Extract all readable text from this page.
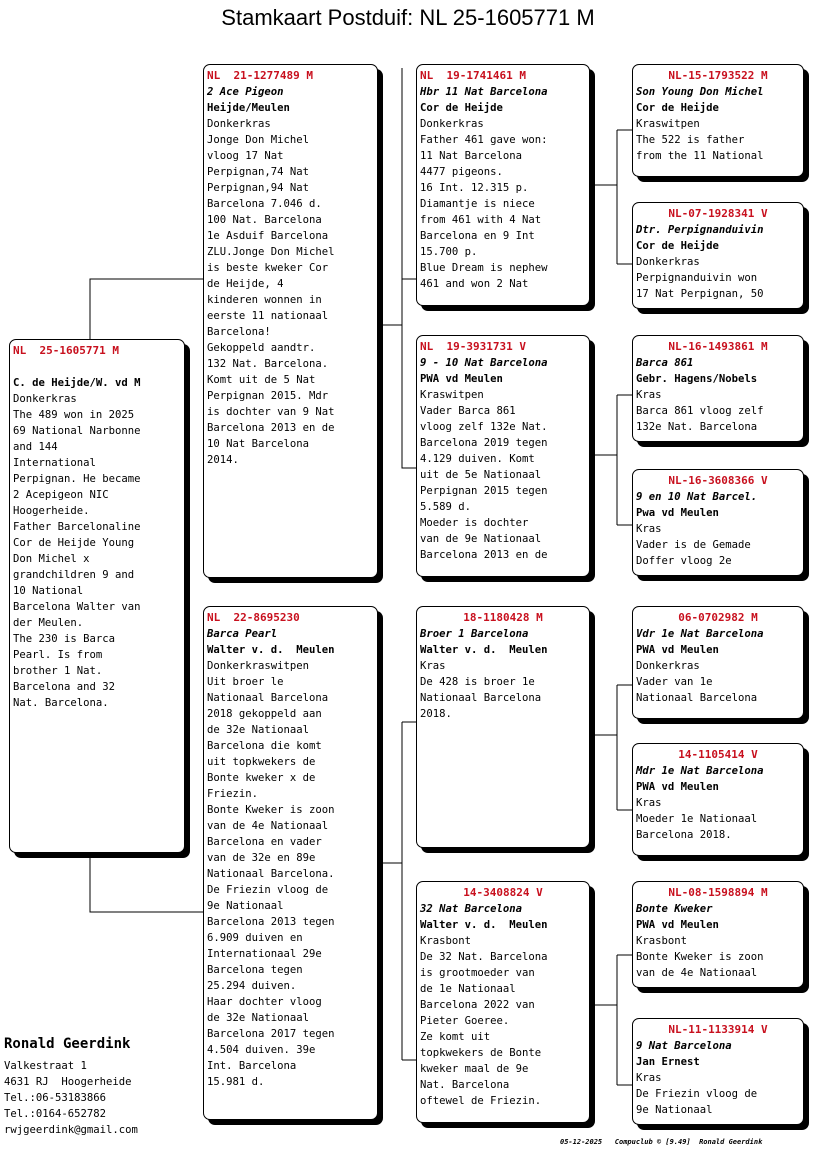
Stamkaart Postduif: NL 25-1605771 M
NL  25-1605771 M
C. de Heijde/W. vd M
Donkerkras
The 489 won in 2025
69 National Narbonne
and 144
International
Perpignan. He became
2 Acepigeon NIC
Hoogerheide.
Father Barcelonaline
Cor de Heijde Young
Don Michel x
grandchildren 9 and
10 National
Barcelona Walter van
der Meulen.
The 230 is Barca
Pearl. Is from
brother 1 Nat.
Barcelona and 32
Nat. Barcelona.
NL  21-1277489 M
2 Ace Pigeon
Heijde/Meulen
Donkerkras
Jonge Don Michel
vloog 17 Nat
Perpignan,74 Nat
Perpignan,94 Nat
Barcelona 7.046 d.
100 Nat. Barcelona
1e Asduif Barcelona
ZLU.Jonge Don Michel
is beste kweker Cor
de Heijde, 4
kinderen wonnen in
eerste 11 nationaal
Barcelona!
Gekoppeld aandtr.
132 Nat. Barcelona.
Komt uit de 5 Nat
Perpignan 2015. Mdr
is dochter van 9 Nat
Barcelona 2013 en de
10 Nat Barcelona
2014.
NL  22-8695230
Barca Pearl
Walter v. d.  Meulen
Donkerkraswitpen
Uit broer le
Nationaal Barcelona
2018 gekoppeld aan
de 32e Nationaal
Barcelona die komt
uit topkwekers de
Bonte kweker x de
Friezin.
Bonte Kweker is zoon
van de 4e Nationaal
Barcelona en vader
van de 32e en 89e
Nationaal Barcelona.
De Friezin vloog de
9e Nationaal
Barcelona 2013 tegen
6.909 duiven en
Internationaal 29e
Barcelona tegen
25.294 duiven.
Haar dochter vloog
de 32e Nationaal
Barcelona 2017 tegen
4.504 duiven. 39e
Int. Barcelona
15.981 d.
NL  19-1741461 M
Hbr 11 Nat Barcelona
Cor de Heijde
Donkerkras
Father 461 gave won:
11 Nat Barcelona
4477 pigeons.
16 Int. 12.315 p.
Diamantje is niece
from 461 with 4 Nat
Barcelona en 9 Int
15.700 p.
Blue Dream is nephew
461 and won 2 Nat
NL  19-3931731 V
9 - 10 Nat Barcelona
PWA vd Meulen
Kraswitpen
Vader Barca 861
vloog zelf 132e Nat.
Barcelona 2019 tegen
4.129 duiven. Komt
uit de 5e Nationaal
Perpignan 2015 tegen
5.589 d.
Moeder is dochter
van de 9e Nationaal
Barcelona 2013 en de
18-1180428 M
Broer 1 Barcelona
Walter v. d.  Meulen
Kras
De 428 is broer 1e
Nationaal Barcelona
2018.
14-3408824 V
32 Nat Barcelona
Walter v. d.  Meulen
Krasbont
De 32 Nat. Barcelona
is grootmoeder van
de 1e Nationaal
Barcelona 2022 van
Pieter Goeree.
Ze komt uit
topkwekers de Bonte
kweker maal de 9e
Nat. Barcelona
oftewel de Friezin.
NL-15-1793522 M
Son Young Don Michel
Cor de Heijde
Kraswitpen
The 522 is father
from the 11 National
NL-07-1928341 V
Dtr. Perpignanduivin
Cor de Heijde
Donkerkras
Perpignanduivin won
17 Nat Perpignan, 50
NL-16-1493861 M
Barca 861
Gebr. Hagens/Nobels
Kras
Barca 861 vloog zelf
132e Nat. Barcelona
NL-16-3608366 V
9 en 10 Nat Barcel.
Pwa vd Meulen
Kras
Vader is de Gemade
Doffer vloog 2e
06-0702982 M
Vdr 1e Nat Barcelona
PWA vd Meulen
Donkerkras
Vader van 1e
Nationaal Barcelona
14-1105414 V
Mdr 1e Nat Barcelona
PWA vd Meulen
Kras
Moeder 1e Nationaal
Barcelona 2018.
NL-08-1598894 M
Bonte Kweker
PWA vd Meulen
Krasbont
Bonte Kweker is zoon
van de 4e Nationaal
NL-11-1133914 V
9 Nat Barcelona
Jan Ernest
Kras
De Friezin vloog de
9e Nationaal
Ronald Geerdink
Valkestraat 1
4631 RJ  Hoogerheide
Tel.:06-53183866
Tel.:0164-652782
rwjgeerdink@gmail.com
05-12-2025   Compuclub © [9.49]  Ronald Geerdink
